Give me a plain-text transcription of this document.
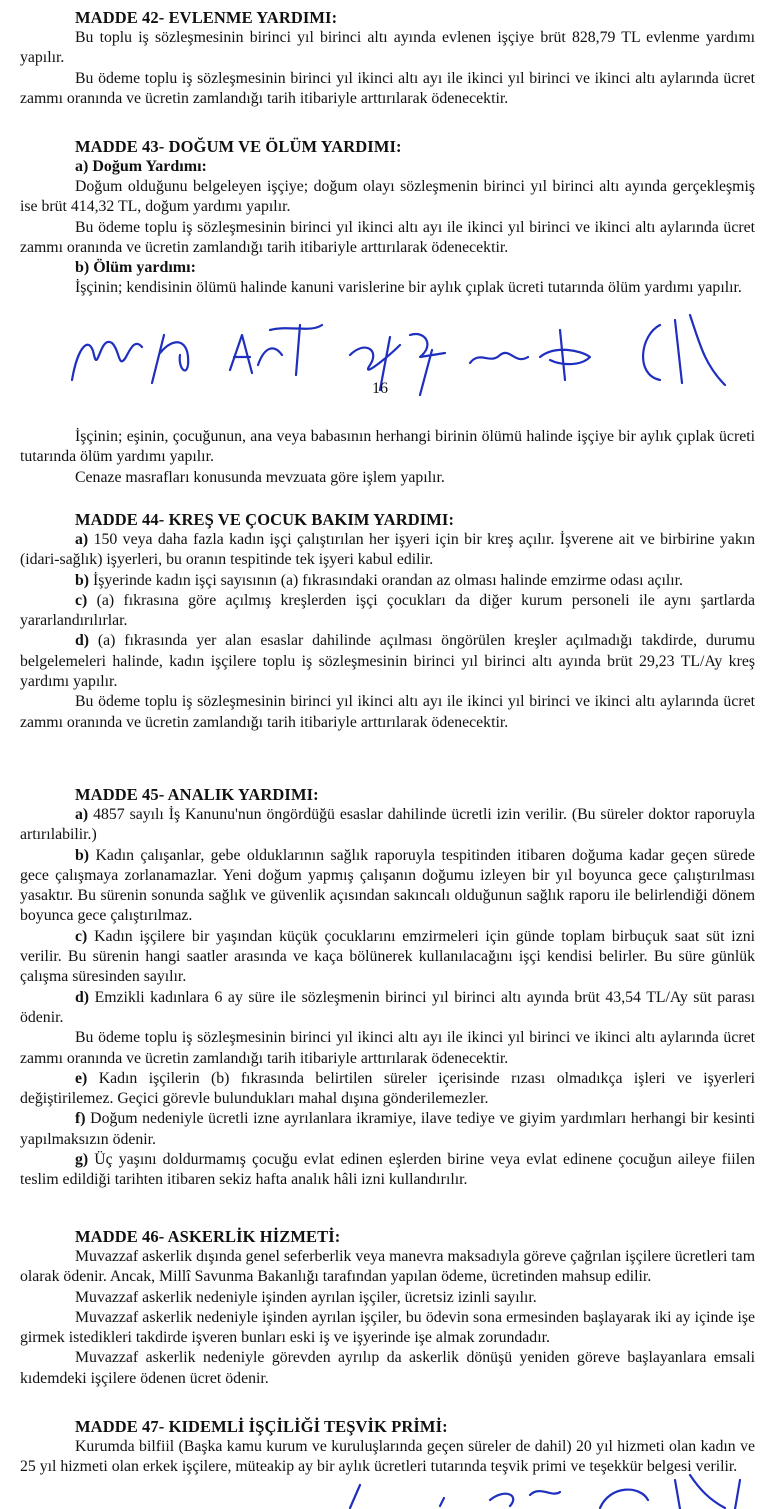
MADDE 42- EVLENME YARDIMI:

Bu toplu iş sözleşmesinin birinci yıl birinci altı ayında evlenen işçiye brüt 828,79 TL evlenme yardımı yapılır.

Bu ödeme toplu iş sözleşmesinin birinci yıl ikinci altı ayı ile ikinci yıl birinci ve ikinci altı aylarında ücret zammı oranında ve ücretin zamlandığı tarih itibariyle arttırılarak ödenecektir.

MADDE 43- DOĞUM VE ÖLÜM YARDIMI:
a) Doğum Yardımı:

Doğum olduğunu belgeleyen işçiye; doğum olayı sözleşmenin birinci yıl birinci altı ayında gerçekleşmiş ise brüt 414,32 TL, doğum yardımı yapılır.

Bu ödeme toplu iş sözleşmesinin birinci yıl ikinci altı ayı ile ikinci yıl birinci ve ikinci altı aylarında ücret zammı oranında ve ücretin zamlandığı tarih itibariyle arttırılarak ödenecektir.

b) Ölüm yardımı:

İşçinin; kendisinin ölümü halinde kanuni varislerine bir aylık çıplak ücreti tutarında ölüm yardımı yapılır.

16

İşçinin; eşinin, çocuğunun, ana veya babasının herhangi birinin ölümü halinde işçiye bir aylık çıplak ücreti tutarında ölüm yardımı yapılır.

Cenaze masrafları konusunda mevzuata göre işlem yapılır.

MADDE 44- KREŞ VE ÇOCUK BAKIM YARDIMI:

a) 150 veya daha fazla kadın işçi çalıştırılan her işyeri için bir kreş açılır. İşverene ait ve birbirine yakın (idari-sağlık) işyerleri, bu oranın tespitinde tek işyeri kabul edilir.

b) İşyerinde kadın işçi sayısının (a) fıkrasındaki orandan az olması halinde emzirme odası açılır.

c) (a) fıkrasına göre açılmış kreşlerden işçi çocukları da diğer kurum personeli ile aynı şartlarda yararlandırılırlar.

d) (a) fıkrasında yer alan esaslar dahilinde açılması öngörülen kreşler açılmadığı takdirde, durumu belgelemeleri halinde, kadın işçilere toplu iş sözleşmesinin birinci yıl birinci altı ayında brüt 29,23 TL/Ay kreş yardımı yapılır.

Bu ödeme toplu iş sözleşmesinin birinci yıl ikinci altı ayı ile ikinci yıl birinci ve ikinci altı aylarında ücret zammı oranında ve ücretin zamlandığı tarih itibariyle arttırılarak ödenecektir.

MADDE 45- ANALIK YARDIMI:

a) 4857 sayılı İş Kanunu'nun öngördüğü esaslar dahilinde ücretli izin verilir. (Bu süreler doktor raporuyla artırılabilir.)

b) Kadın çalışanlar, gebe olduklarının sağlık raporuyla tespitinden itibaren doğuma kadar geçen sürede gece çalışmaya zorlanamazlar. Yeni doğum yapmış çalışanın doğumu izleyen bir yıl boyunca gece çalıştırılması yasaktır. Bu sürenin sonunda sağlık ve güvenlik açısından sakıncalı olduğunun sağlık raporu ile belirlendiği dönem boyunca gece çalıştırılmaz.

c) Kadın işçilere bir yaşından küçük çocuklarını emzirmeleri için günde toplam birbuçuk saat süt izni verilir. Bu sürenin hangi saatler arasında ve kaça bölünerek kullanılacağını işçi kendisi belirler. Bu süre günlük çalışma süresinden sayılır.

d) Emzikli kadınlara 6 ay süre ile sözleşmenin birinci yıl birinci altı ayında brüt 43,54 TL/Ay süt parası ödenir.

Bu ödeme toplu iş sözleşmesinin birinci yıl ikinci altı ayı ile ikinci yıl birinci ve ikinci altı aylarında ücret zammı oranında ve ücretin zamlandığı tarih itibariyle arttırılarak ödenecektir.

e) Kadın işçilerin (b) fıkrasında belirtilen süreler içerisinde rızası olmadıkça işleri ve işyerleri değiştirilemez. Geçici görevle bulundukları mahal dışına gönderilemezler.

f) Doğum nedeniyle ücretli izne ayrılanlara ikramiye, ilave tediye ve giyim yardımları herhangi bir kesinti yapılmaksızın ödenir.

g) Üç yaşını doldurmamış çocuğu evlat edinen eşlerden birine veya evlat edinene çocuğun aileye fiilen teslim edildiği tarihten itibaren sekiz hafta analık hâli izni kullandırılır.

MADDE 46- ASKERLİK HİZMETİ:

Muvazzaf askerlik dışında genel seferberlik veya manevra maksadıyla göreve çağrılan işçilere ücretleri tam olarak ödenir. Ancak, Millî Savunma Bakanlığı tarafından yapılan ödeme, ücretinden mahsup edilir.

Muvazzaf askerlik nedeniyle işinden ayrılan işçiler, ücretsiz izinli sayılır.

Muvazzaf askerlik nedeniyle işinden ayrılan işçiler, bu ödevin sona ermesinden başlayarak iki ay içinde işe girmek istedikleri takdirde işveren bunları eski iş ve işyerinde işe almak zorundadır.

Muvazzaf askerlik nedeniyle görevden ayrılıp da askerlik dönüşü yeniden göreve başlayanlara emsali kıdemdeki işçilere ödenen ücret ödenir.

MADDE 47- KIDEMLİ İŞÇİLİĞİ TEŞVİK PRİMİ:

Kurumda bilfiil (Başka kamu kurum ve kuruluşlarında geçen süreler de dahil) 20 yıl hizmeti olan kadın ve 25 yıl hizmeti olan erkek işçilere, müteakip ay bir aylık ücretleri tutarında teşvik primi ve teşekkür belgesi verilir.
